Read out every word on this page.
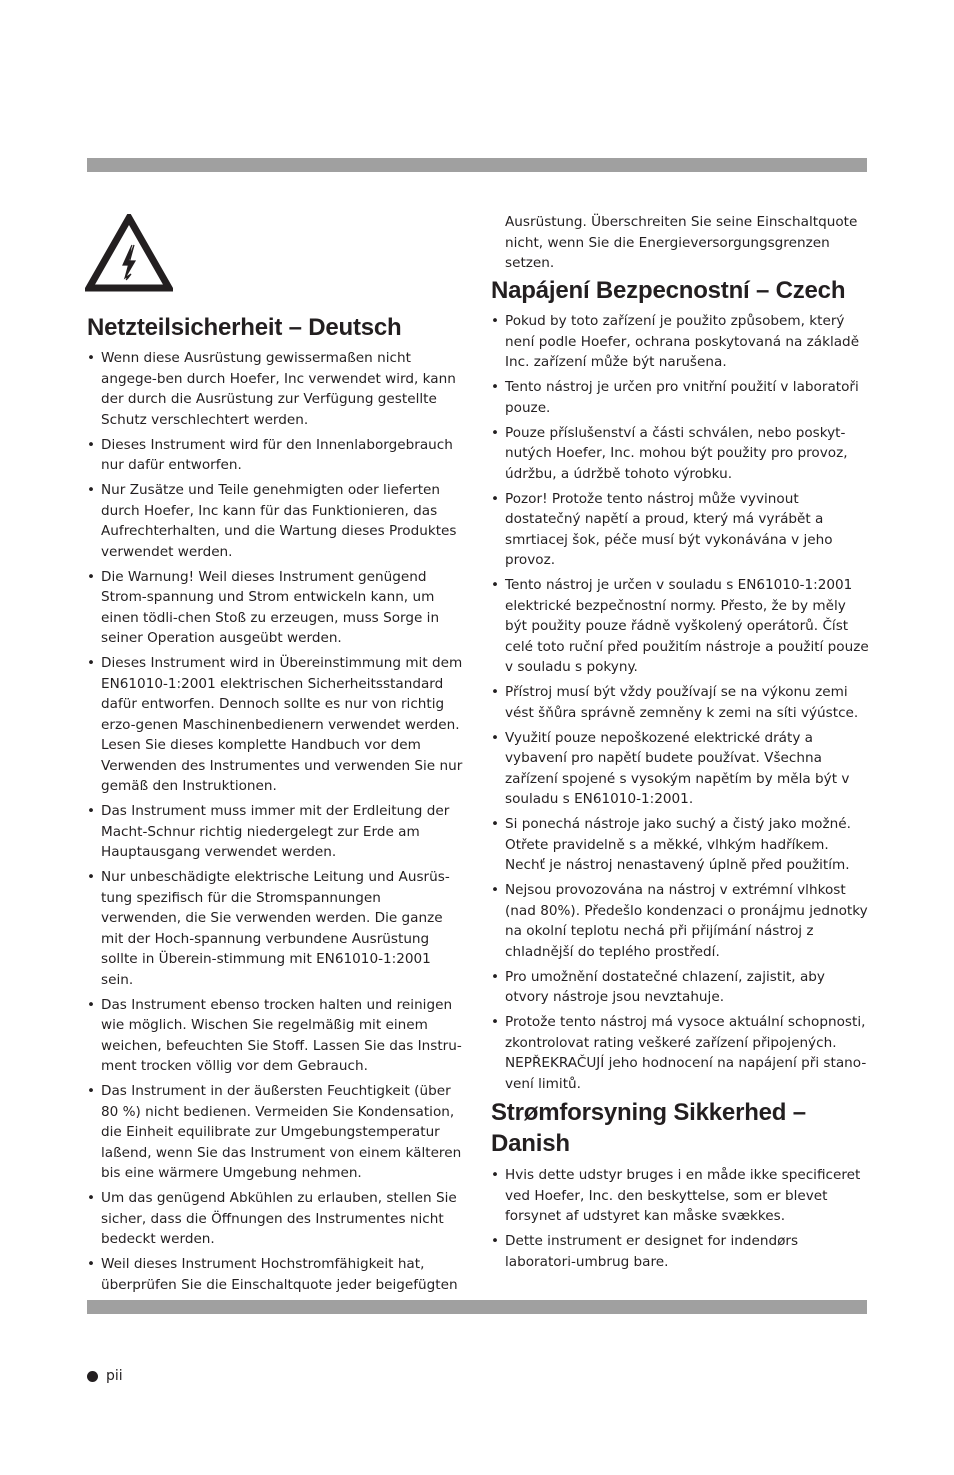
Netzteilsicherheit – Deutsch
• Wenn diese Ausrüstung gewissermaßen nicht angege-ben durch Hoefer, Inc verwendet wird, kann der durch die Ausrüstung zur Verfügung gestellte Schutz verschlechtert werden.
• Dieses Instrument wird für den Innenlaborgebrauch nur dafür entworfen.
• Nur Zusätze und Teile genehmigten oder lieferten durch Hoefer, Inc kann für das Funktionieren, das Aufrechterhalten, und die Wartung dieses Produktes verwendet werden.
• Die Warnung! Weil dieses Instrument genügend Strom-spannung und Strom entwickeln kann, um einen tödli-chen Stoß zu erzeugen, muss Sorge in seiner Operation ausgeübt werden.
• Dieses Instrument wird in Übereinstimmung mit dem EN61010-1:2001 elektrischen Sicherheitsstandard dafür entworfen. Dennoch sollte es nur von richtig erzo-genen Maschinenbedienern verwendet werden. Lesen Sie dieses komplette Handbuch vor dem Verwenden des Instrumentes und verwenden Sie nur gemäß den Instruktionen.
• Das Instrument muss immer mit der Erdleitung der Macht-Schnur richtig niedergelegt zur Erde am Hauptausgang verwendet werden.
• Nur unbeschädigte elektrische Leitung und Ausrüs-tung spezifisch für die Stromspannungen verwenden, die Sie verwenden werden. Die ganze mit der Hoch-spannung verbundene Ausrüstung sollte in Überein-stimmung mit EN61010-1:2001 sein.
• Das Instrument ebenso trocken halten und reinigen wie möglich. Wischen Sie regelmäßig mit einem weichen, befeuchten Sie Stoff. Lassen Sie das Instru-ment trocken völlig vor dem Gebrauch.
• Das Instrument in der äußersten Feuchtigkeit (über 80 %) nicht bedienen. Vermeiden Sie Kondensation, die Einheit equilibrate zur Umgebungstemperatur laßend, wenn Sie das Instrument von einem kälteren bis eine wärmere Umgebung nehmen.
• Um das genügend Abkühlen zu erlauben, stellen Sie sicher, dass die Öffnungen des Instrumentes nicht bedeckt werden.
• Weil dieses Instrument Hochstromfähigkeit hat, überprüfen Sie die Einschaltquote jeder beigefügten

Ausrüstung. Überschreiten Sie seine Einschaltquote nicht, wenn Sie die Energieversorgungsgrenzen setzen.

Napájení Bezpecnostní – Czech
• Pokud by toto zařízení je použito způsobem, který není podle Hoefer, ochrana poskytovaná na základě Inc. zařízení může být narušena.
• Tento nástroj je určen pro vnitřní použití v laboratoři pouze.
• Pouze příslušenství a části schválen, nebo poskyt-nutých Hoefer, Inc. mohou být použity pro provoz, údržbu, a údržbě tohoto výrobku.
• Pozor! Protože tento nástroj může vyvinout dostatečný napětí a proud, který má vyrábět a smrtiacej šok, péče musí být vykonávána v jeho provoz.
• Tento nástroj je určen v souladu s EN61010-1:2001 elektrické bezpečnostní normy. Přesto, že by měly být použity pouze řádně vyškolený operátorů. Číst celé toto ruční před použitím nástroje a použití pouze v souladu s pokyny.
• Přístroj musí být vždy používají se na výkonu zemi vést šňůra správně zemněny k zemi na síti výústce.
• Využití pouze nepoškozené elektrické dráty a vybavení pro napětí budete používat. Všechna zařízení spojené s vysokým napětím by měla být v souladu s EN61010-1:2001.
• Si ponechá nástroje jako suchý a čistý jako možné. Otřete pravidelně s a měkké, vlhkým hadříkem. Nechť je nástroj nenastavený úplně před použitím.
• Nejsou provozována na nástroj v extrémní vlhkost (nad 80%). Předešlo kondenzaci o pronájmu jednotky na okolní teplotu nechá při přijímání nástroj z chladnější do teplého prostředí.
• Pro umožnění dostatečné chlazení, zajistit, aby otvory nástroje jsou nevztahuje.
• Protože tento nástroj má vysoce aktuální schopnosti, zkontrolovat rating veškeré zařízení připojených. NEPŘEKRAČUJÍ jeho hodnocení na napájení při stano-vení limitů.
Strømforsyning Sikkerhed – Danish
• Hvis dette udstyr bruges i en måde ikke specificeret ved Hoefer, Inc. den beskyttelse, som er blevet forsynet af udstyret kan måske svækkes.
• Dette instrument er designet for indendørs laboratori-umbrug bare.
pii
